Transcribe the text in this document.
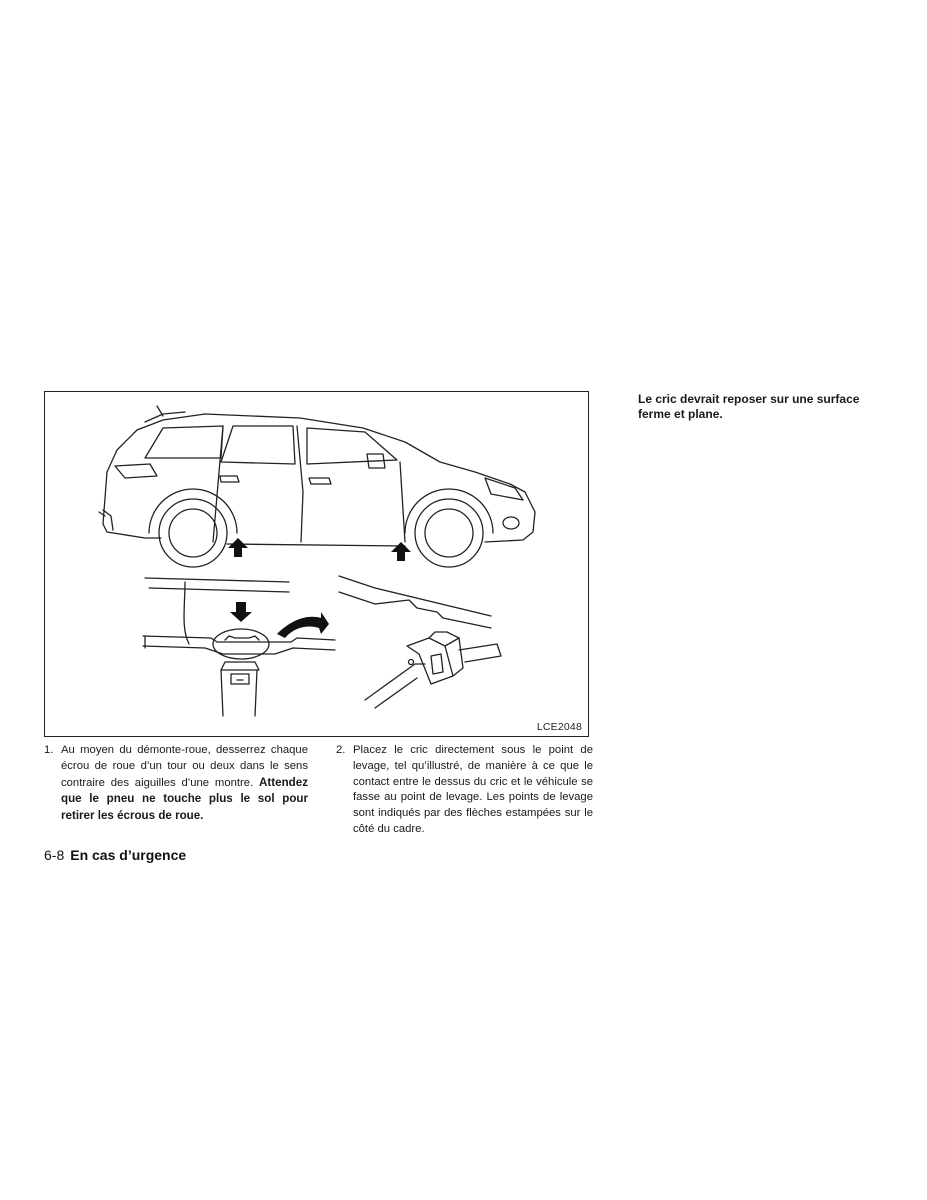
LCE2048
Le cric devrait reposer sur une surface ferme et plane.
1. Au moyen du démonte-roue, desserrez chaque écrou de roue d’un tour ou deux dans le sens contraire des aiguilles d’une montre. Attendez que le pneu ne touche plus le sol pour retirer les écrous de roue.
2. Placez le cric directement sous le point de levage, tel qu’illustré, de manière à ce que le contact entre le dessus du cric et le véhicule se fasse au point de levage. Les points de levage sont indiqués par des flèches estampées sur le côté du cadre.
6-8 En cas d’urgence
